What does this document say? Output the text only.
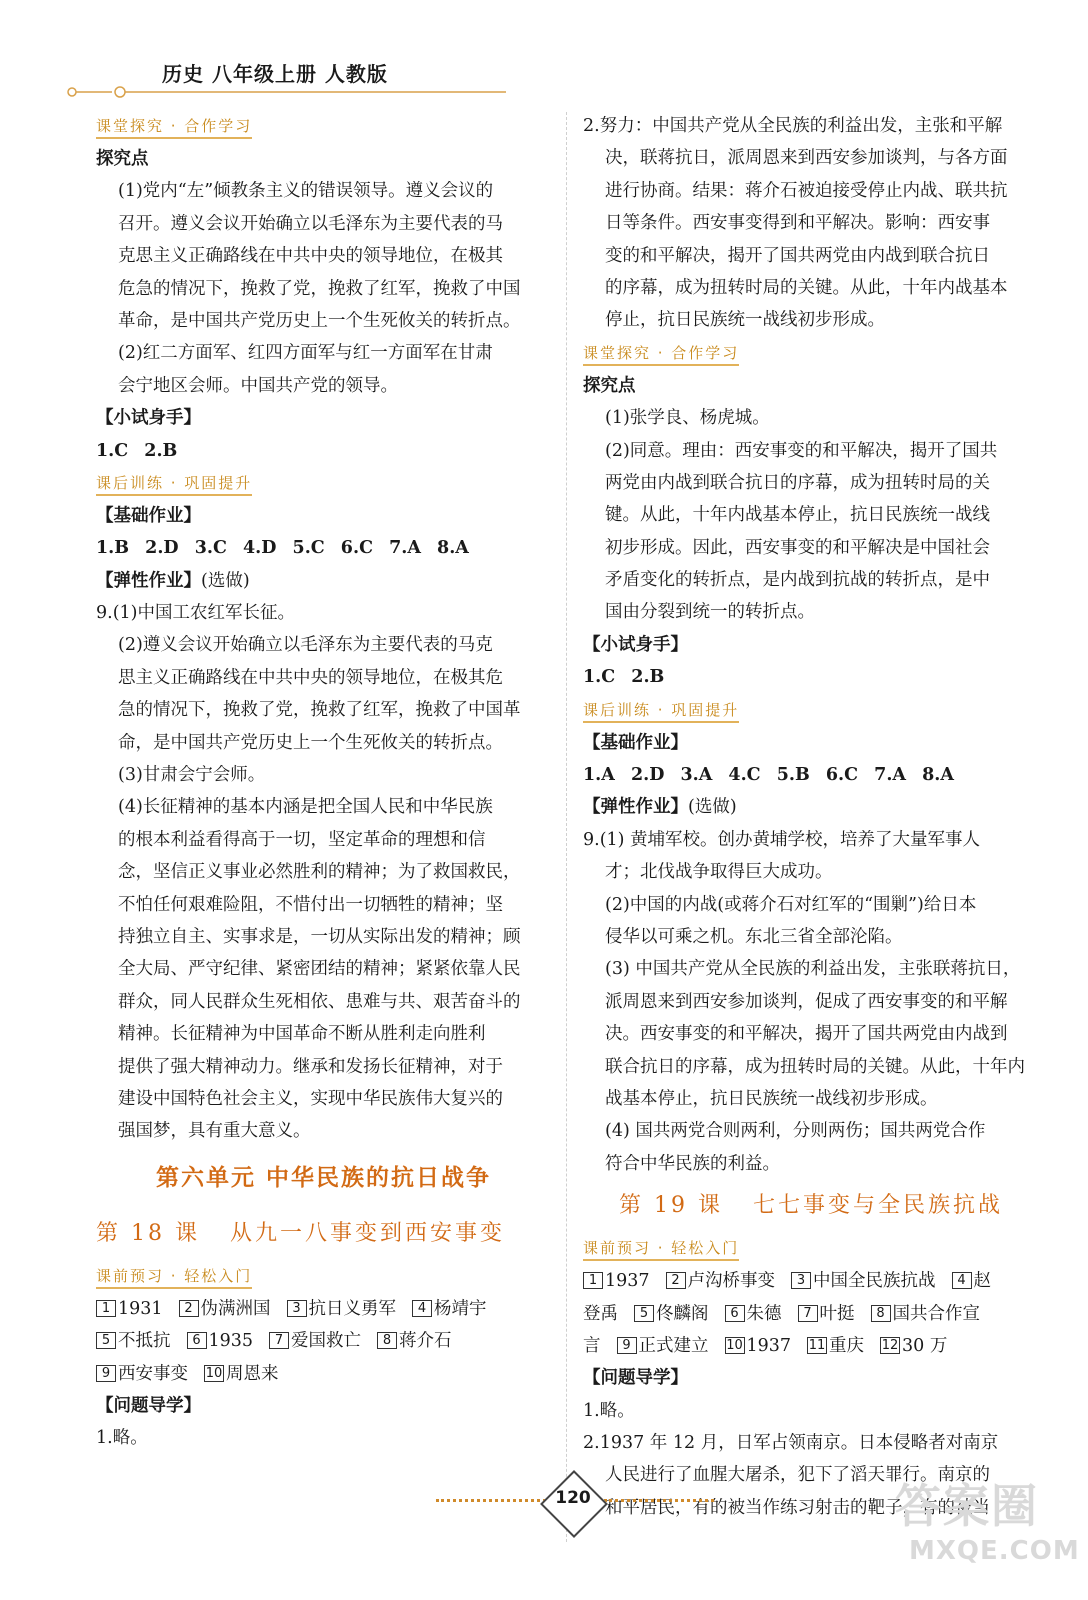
历史 八年级上册 人教版
课堂探究 · 合作学习
探究点
(1)党内“左”倾教条主义的错误领导。遵义会议的
召开。遵义会议开始确立以毛泽东为主要代表的马
克思主义正确路线在中共中央的领导地位，在极其
危急的情况下，挽救了党，挽救了红军，挽救了中国
革命，是中国共产党历史上一个生死攸关的转折点。
(2)红二方面军、红四方面军与红一方面军在甘肃
会宁地区会师。中国共产党的领导。
【小试身手】
1.C 2.B
课后训练 · 巩固提升
【基础作业】
1.B 2.D 3.C 4.D 5.C 6.C 7.A 8.A
【弹性作业】(选做)
9.(1)中国工农红军长征。
(2)遵义会议开始确立以毛泽东为主要代表的马克
思主义正确路线在中共中央的领导地位，在极其危
急的情况下，挽救了党，挽救了红军，挽救了中国革
命，是中国共产党历史上一个生死攸关的转折点。
(3)甘肃会宁会师。
(4)长征精神的基本内涵是把全国人民和中华民族
的根本利益看得高于一切，坚定革命的理想和信
念，坚信正义事业必然胜利的精神；为了救国救民，
不怕任何艰难险阻，不惜付出一切牺牲的精神；坚
持独立自主、实事求是，一切从实际出发的精神；顾
全大局、严守纪律、紧密团结的精神；紧紧依靠人民
群众，同人民群众生死相依、患难与共、艰苦奋斗的
精神。长征精神为中国革命不断从胜利走向胜利
提供了强大精神动力。继承和发扬长征精神，对于
建设中国特色社会主义，实现中华民族伟大复兴的
强国梦，具有重大意义。
第六单元 中华民族的抗日战争
第 18 课 从九一八事变到西安事变
课前预习 · 轻松入门
1 1931 2 伪满洲国 3 抗日义勇军 4 杨靖宇
5 不抵抗 6 1935 7 爱国救亡 8 蒋介石
9 西安事变 10 周恩来
【问题导学】
1.略。
2.努力：中国共产党从全民族的利益出发，主张和平解
决，联蒋抗日，派周恩来到西安参加谈判，与各方面
进行协商。结果：蒋介石被迫接受停止内战、联共抗
日等条件。西安事变得到和平解决。影响：西安事
变的和平解决，揭开了国共两党由内战到联合抗日
的序幕，成为扭转时局的关键。从此，十年内战基本
停止，抗日民族统一战线初步形成。
课堂探究 · 合作学习
探究点
(1)张学良、杨虎城。
(2)同意。理由：西安事变的和平解决，揭开了国共
两党由内战到联合抗日的序幕，成为扭转时局的关
键。从此，十年内战基本停止，抗日民族统一战线
初步形成。因此，西安事变的和平解决是中国社会
矛盾变化的转折点，是内战到抗战的转折点，是中
国由分裂到统一的转折点。
【小试身手】
1.C 2.B
课后训练 · 巩固提升
【基础作业】
1.A 2.D 3.A 4.C 5.B 6.C 7.A 8.A
【弹性作业】(选做)
9.(1) 黄埔军校。创办黄埔学校，培养了大量军事人
才；北伐战争取得巨大成功。
(2)中国的内战(或蒋介石对红军的“围剿”)给日本
侵华以可乘之机。东北三省全部沦陷。
(3) 中国共产党从全民族的利益出发，主张联蒋抗日，
派周恩来到西安参加谈判，促成了西安事变的和平解
决。西安事变的和平解决，揭开了国共两党由内战到
联合抗日的序幕，成为扭转时局的关键。从此，十年内
战基本停止，抗日民族统一战线初步形成。
(4) 国共两党合则两利，分则两伤；国共两党合作
符合中华民族的利益。
第 19 课 七七事变与全民族抗战
课前预习 · 轻松入门
1 1937 2 卢沟桥事变 3 中国全民族抗战 4 赵
登禹 5 佟麟阁 6 朱德 7 叶挺 8 国共合作宣
言 9 正式建立 10 1937 11 重庆 12 30 万
【问题导学】
1.略。
2.1937 年 12 月，日军占领南京。日本侵略者对南京
人民进行了血腥大屠杀，犯下了滔天罪行。南京的
和平居民，有的被当作练习射击的靶子，有的被当
120	答案圈
MXQE.COM
